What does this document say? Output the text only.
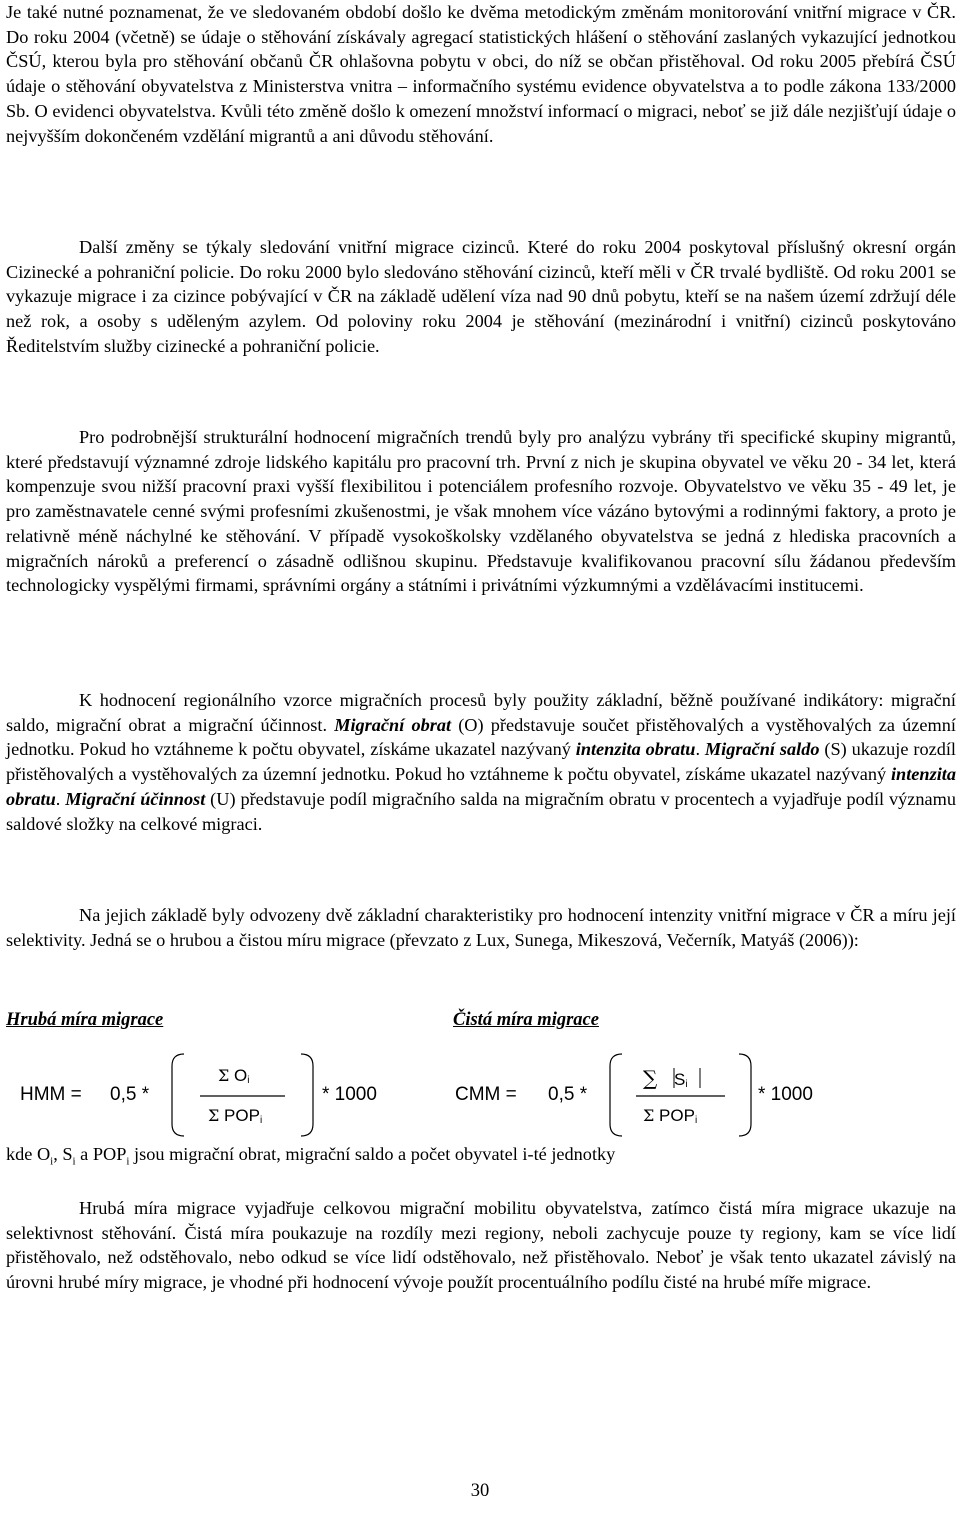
Je také nutné poznamenat, že ve sledovaném období došlo ke dvěma metodickým změnám monitorování vnitřní migrace v ČR. Do roku 2004 (včetně) se údaje o stěhování získávaly agregací statistických hlášení o stěhování zaslaných vykazující jednotkou ČSÚ, kterou byla pro stěhování občanů ČR ohlašovna pobytu v obci, do níž se občan přistěhoval. Od roku 2005 přebírá ČSÚ údaje o stěhování obyvatelstva z Ministerstva vnitra – informačního systému evidence obyvatelstva a to podle zákona 133/2000 Sb. O evidenci obyvatelstva. Kvůli této změně došlo k omezení množství informací o migraci, neboť se již dále nezjišťují údaje o nejvyšším dokončeném vzdělání migrantů a ani důvodu stěhování.

Další změny se týkaly sledování vnitřní migrace cizinců. Které do roku 2004 poskytoval příslušný okresní orgán Cizinecké a pohraniční policie. Do roku 2000 bylo sledováno stěhování cizinců, kteří měli v ČR trvalé bydliště. Od roku 2001 se vykazuje migrace i za cizince pobývající v ČR na základě udělení víza nad 90 dnů pobytu, kteří se na našem území zdržují déle než rok, a osoby s uděleným azylem. Od poloviny roku 2004 je stěhování (mezinárodní i vnitřní) cizinců poskytováno Ředitelstvím služby cizinecké a pohraniční policie.

Pro podrobnější strukturální hodnocení migračních trendů byly pro analýzu vybrány tři specifické skupiny migrantů, které představují významné zdroje lidského kapitálu pro pracovní trh. První z nich je skupina obyvatel ve věku 20 - 34 let, která kompenzuje svou nižší pracovní praxi vyšší flexibilitou i potenciálem profesního rozvoje. Obyvatelstvo ve věku 35 - 49 let, je pro zaměstnavatele cenné svými profesními zkušenostmi, je však mnohem více vázáno bytovými a rodinnými faktory, a proto je relativně méně náchylné ke stěhování. V případě vysokoškolsky vzdělaného obyvatelstva se jedná z hlediska pracovních a migračních nároků a preferencí o zásadně odlišnou skupinu. Představuje kvalifikovanou pracovní sílu žádanou především technologicky vyspělými firmami, správními orgány a státními i privátními výzkumnými a vzdělávacími institucemi.

K hodnocení regionálního vzorce migračních procesů byly použity základní, běžně používané indikátory: migrační saldo, migrační obrat a migrační účinnost. Migrační obrat (O) představuje součet přistěhovalých a vystěhovalých za územní jednotku. Pokud ho vztáhneme k počtu obyvatel, získáme ukazatel nazývaný intenzita obratu. Migrační saldo (S) ukazuje rozdíl přistěhovalých a vystěhovalých za územní jednotku. Pokud ho vztáhneme k počtu obyvatel, získáme ukazatel nazývaný intenzita obratu. Migrační účinnost (U) představuje podíl migračního salda na migračním obratu v procentech a vyjadřuje podíl významu saldové složky na celkové migraci.

Na jejich základě byly odvozeny dvě základní charakteristiky pro hodnocení intenzity vnitřní migrace v ČR a míru její selektivity. Jedná se o hrubou a čistou míru migrace (převzato z Lux, Sunega, Mikeszová, Večerník, Matyáš (2006)):

Hrubá míra migrace	Čistá míra migrace
HMM = 0,5 *
Σ $O_i$
Σ $POP_i$
* 1000	CMM = 0,5 *
∑ $S_i$
Σ $POP_i$
* 1000
kde $O_i$, $S_i$ a $POP_i$ jsou migrační obrat, migrační saldo a počet obyvatel i-té jednotky

Hrubá míra migrace vyjadřuje celkovou migrační mobilitu obyvatelstva, zatímco čistá míra migrace ukazuje na selektivnost stěhování. Čistá míra poukazuje na rozdíly mezi regiony, neboli zachycuje pouze ty regiony, kam se více lidí přistěhovalo, než odstěhovalo, nebo odkud se více lidí odstěhovalo, než přistěhovalo. Neboť je však tento ukazatel závislý na úrovni hrubé míry migrace, je vhodné při hodnocení vývoje použít procentuálního podílu čisté na hrubé míře migrace.

30
